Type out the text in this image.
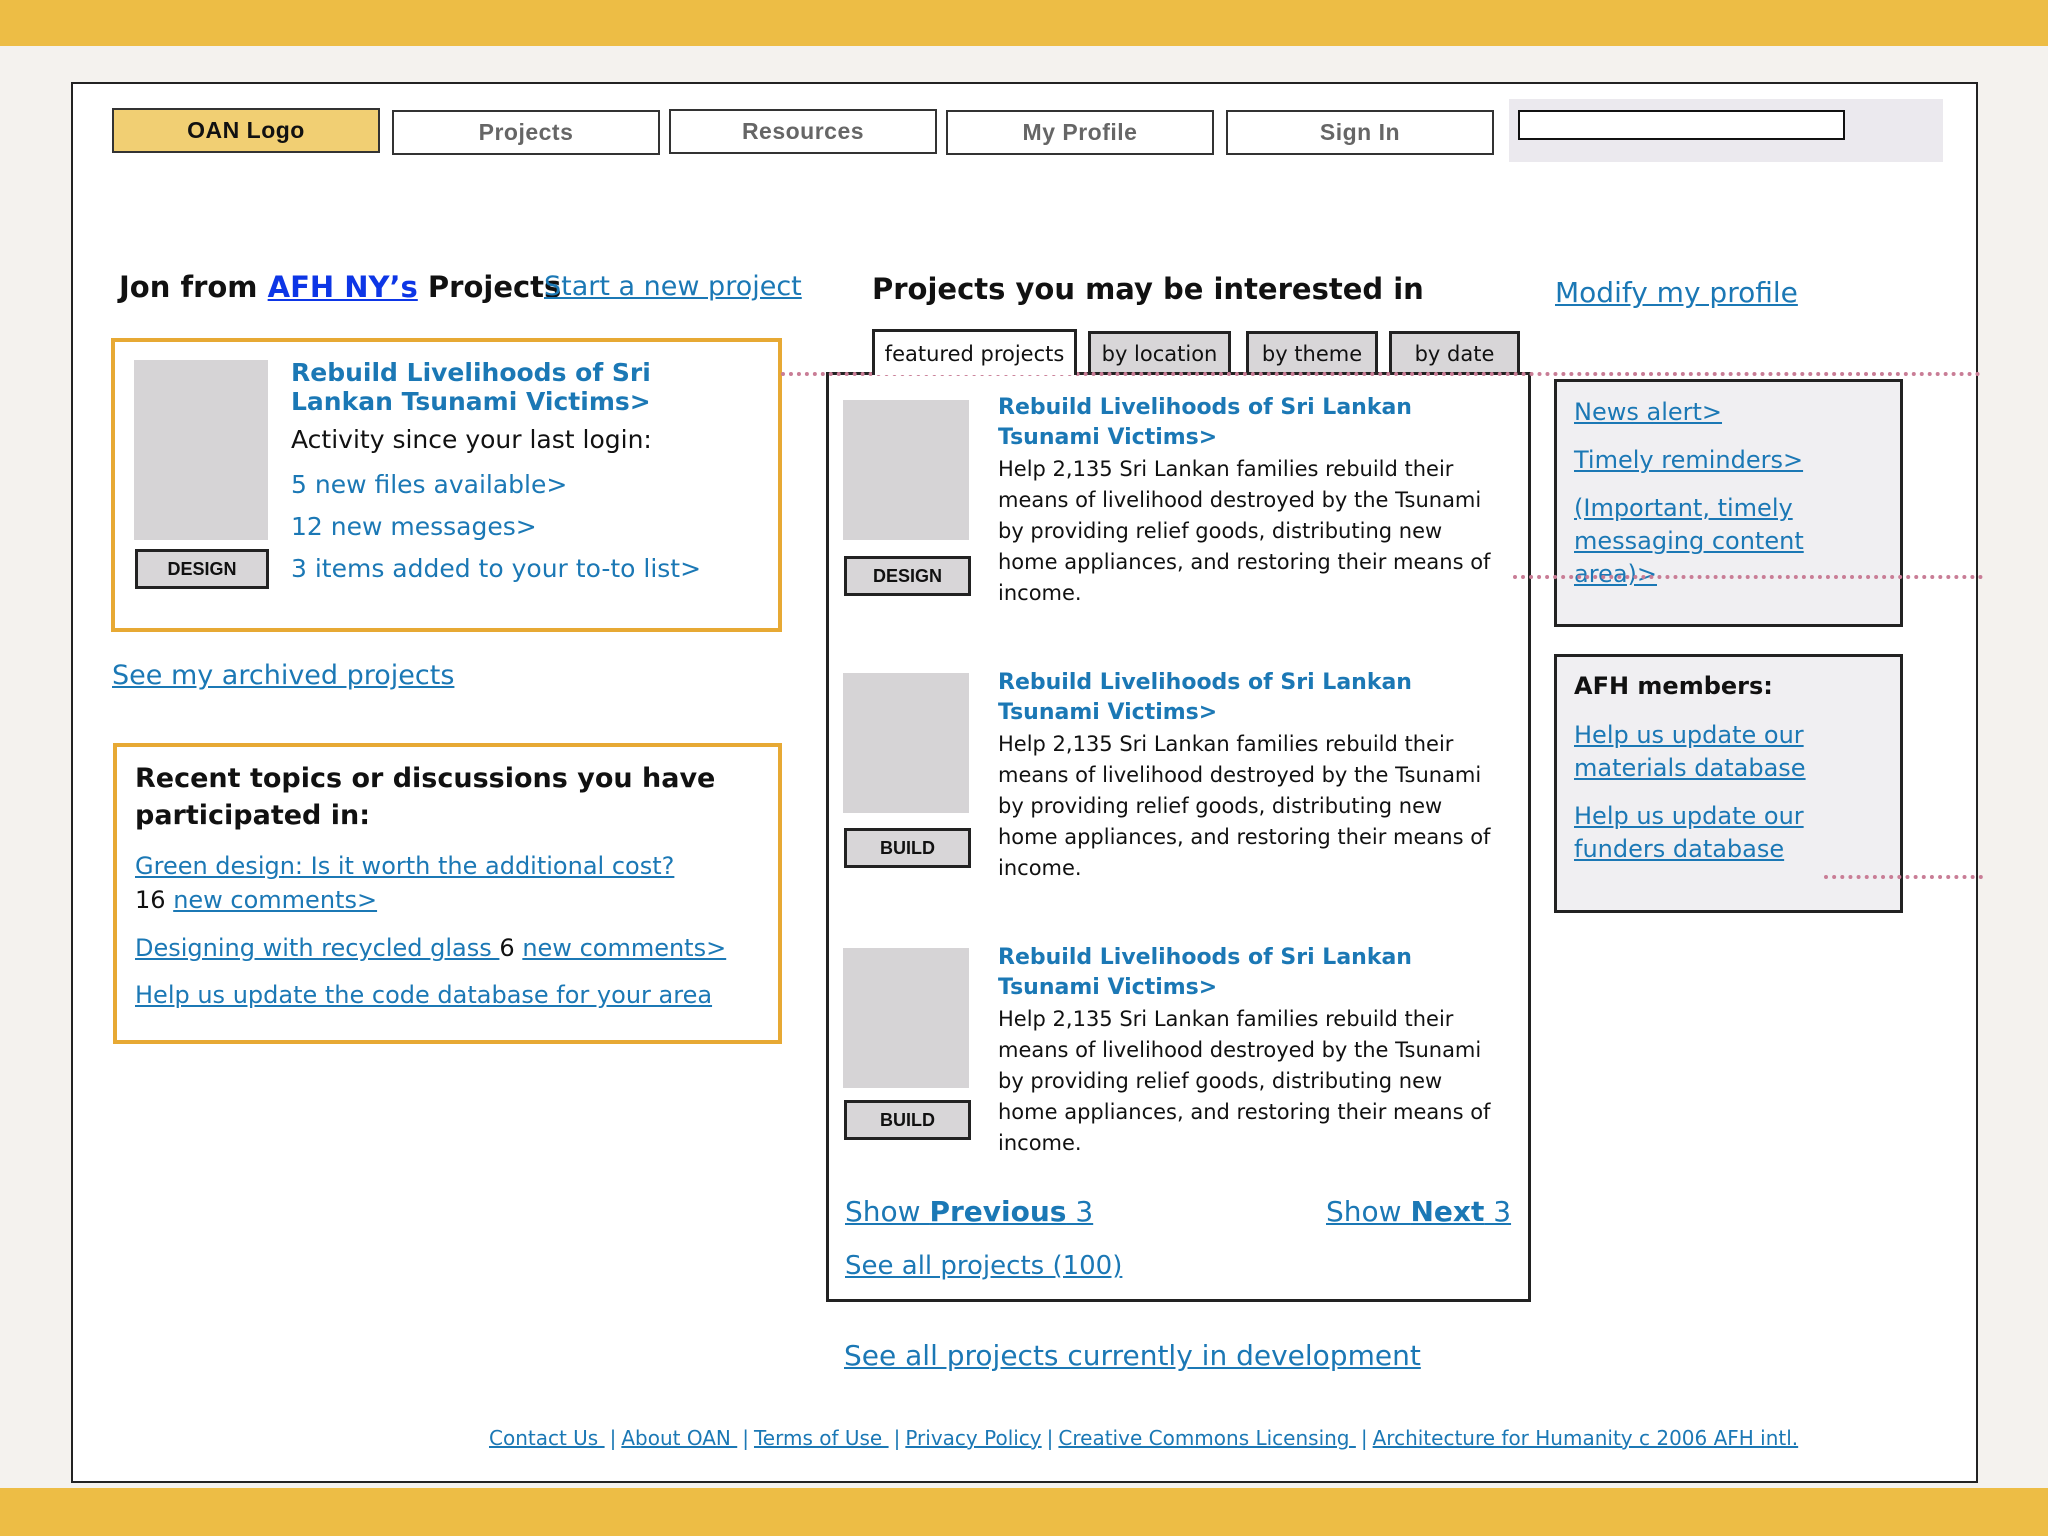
OAN Logo	Projects	Resources	My Profile	Sign In
Jon from AFH NY’s Projects
Start a new project
DESIGN
Rebuild Livelihoods of Sri Lankan Tsunami Victims>
Activity since your last login:
5 new files available>
12 new messages>
3 items added to your to-to list>
See my archived projects
Recent topics or discussions you have participated in:
Green design: Is it worth the additional cost?
16 new comments>
Designing with recycled glass 6 new comments>
Help us update the code database for your area
Projects you may be interested in
featured projects	by location	by theme	by date
DESIGN
Rebuild Livelihoods of Sri Lankan Tsunami Victims>
Help 2,135 Sri Lankan families rebuild their means of livelihood destroyed by the Tsunami by providing relief goods, distributing new home appliances, and restoring their means of income.
BUILD
Rebuild Livelihoods of Sri Lankan Tsunami Victims>
Help 2,135 Sri Lankan families rebuild their means of livelihood destroyed by the Tsunami by providing relief goods, distributing new home appliances, and restoring their means of income.
BUILD
Rebuild Livelihoods of Sri Lankan Tsunami Victims>
Help 2,135 Sri Lankan families rebuild their means of livelihood destroyed by the Tsunami by providing relief goods, distributing new home appliances, and restoring their means of income.
Show Previous 3	Show Next 3
See all projects (100)
See all projects currently in development
Modify my profile
News alert>
Timely reminders>
(Important, timely messaging content area)>
AFH members:
Help us update our materials database
Help us update our funders database
Contact Us | About OAN | Terms of Use | Privacy Policy | Creative Commons Licensing | Architecture for Humanity c 2006 AFH intl.
